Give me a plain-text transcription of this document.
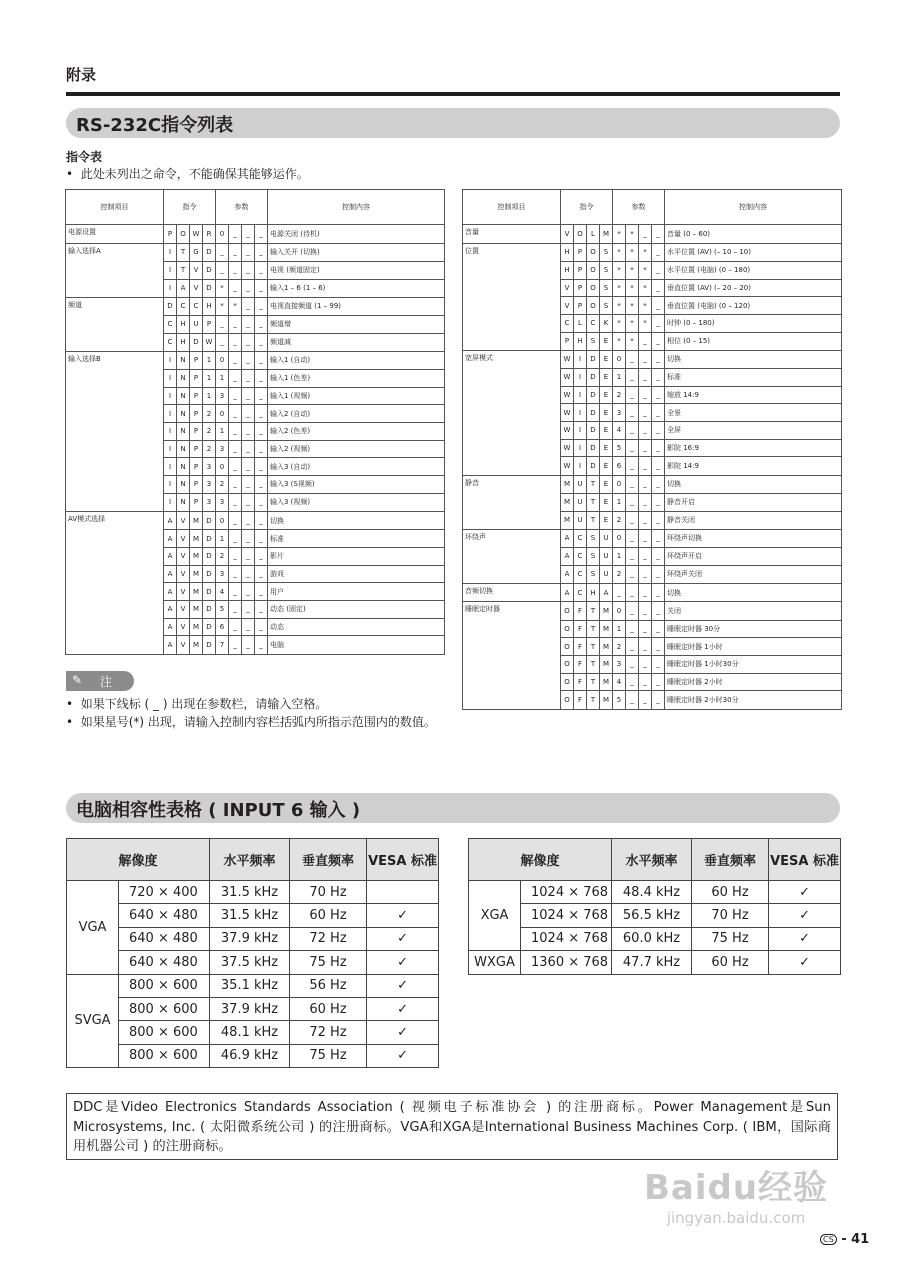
附录
RS-232C指令列表
指令表
•  此处未列出之命令，不能确保其能够运作。
控制项目	指令				参数				控制内容
电源设置	P	O	W	R	0	_	_	_	电源关闭 (待机)
输入选择A	I	T	G	D	_	_	_	_	输入关开 (切换)
	I	T	V	D	_	_	_	_	电视 (频道固定)
	I	A	V	D	*	_	_	_	输入1 – 6 (1 – 6)
频道	D	C	C	H	*	*	_	_	电视直接频道 (1 – 99)
	C	H	U	P	_	_	_	_	频道增
	C	H	D	W	_	_	_	_	频道减
输入选择B	I	N	P	1	0	_	_	_	输入1 (自动)
	I	N	P	1	1	_	_	_	输入1 (色差)
	I	N	P	1	3	_	_	_	输入1 (视频)
	I	N	P	2	0	_	_	_	输入2 (自动)
	I	N	P	2	1	_	_	_	输入2 (色差)
	I	N	P	2	3	_	_	_	输入2 (视频)
	I	N	P	3	0	_	_	_	输入3 (自动)
	I	N	P	3	2	_	_	_	输入3 (S视频)
	I	N	P	3	3	_	_	_	输入3 (视频)
AV模式选择	A	V	M	D	0	_	_	_	切换
	A	V	M	D	1	_	_	_	标准
	A	V	M	D	2	_	_	_	影片
	A	V	M	D	3	_	_	_	游戏
	A	V	M	D	4	_	_	_	用户
	A	V	M	D	5	_	_	_	动态 (固定)
	A	V	M	D	6	_	_	_	动态
	A	V	M	D	7	_	_	_	电脑
控制项目	指令				参数				控制内容
音量	V	O	L	M	*	*	_	_	音量 (0 – 60)
位置	H	P	O	S	*	*	*	_	水平位置 (AV) (– 10 – 10)
	H	P	O	S	*	*	*	_	水平位置 (电脑) (0 – 180)
	V	P	O	S	*	*	*	_	垂直位置 (AV) (– 20 – 20)
	V	P	O	S	*	*	*	_	垂直位置 (电脑) (0 – 120)
	C	L	C	K	*	*	*	_	时钟 (0 – 180)
	P	H	S	E	*	*	_	_	相位 (0 – 15)
宽屏模式	W	I	D	E	0	_	_	_	切换
	W	I	D	E	1	_	_	_	标准
	W	I	D	E	2	_	_	_	缩放 14:9
	W	I	D	E	3	_	_	_	全景
	W	I	D	E	4	_	_	_	全屏
	W	I	D	E	5	_	_	_	影院 16:9
	W	I	D	E	6	_	_	_	影院 14:9
静音	M	U	T	E	0	_	_	_	切换
	M	U	T	E	1	_	_	_	静音开启
	M	U	T	E	2	_	_	_	静音关闭
环绕声	A	C	S	U	0	_	_	_	环绕声切换
	A	C	S	U	1	_	_	_	环绕声开启
	A	C	S	U	2	_	_	_	环绕声关闭
音频切换	A	C	H	A	_	_	_	_	切换
睡眠定时器	O	F	T	M	0	_	_	_	关闭
	O	F	T	M	1	_	_	_	睡眠定时器 30分
	O	F	T	M	2	_	_	_	睡眠定时器 1小时
	O	F	T	M	3	_	_	_	睡眠定时器 1小时30分
	O	F	T	M	4	_	_	_	睡眠定时器 2小时
	O	F	T	M	5	_	_	_	睡眠定时器 2小时30分
✎ 注
•  如果下线标 ( _ ) 出现在参数栏，请输入空格。
•  如果星号(*) 出现，请输入控制内容栏括弧内所指示范围内的数值。
电脑相容性表格 ( INPUT 6 输入 )
解像度		水平频率	垂直频率	VESA 标准
VGA	720 × 400	31.5 kHz	70 Hz	
	640 × 480	31.5 kHz	60 Hz	✓
	640 × 480	37.9 kHz	72 Hz	✓
	640 × 480	37.5 kHz	75 Hz	✓
SVGA	800 × 600	35.1 kHz	56 Hz	✓
	800 × 600	37.9 kHz	60 Hz	✓
	800 × 600	48.1 kHz	72 Hz	✓
	800 × 600	46.9 kHz	75 Hz	✓
解像度		水平频率	垂直频率	VESA 标准
XGA	1024 × 768	48.4 kHz	60 Hz	✓
	1024 × 768	56.5 kHz	70 Hz	✓
	1024 × 768	60.0 kHz	75 Hz	✓
WXGA	1360 × 768	47.7 kHz	60 Hz	✓
DDC是Video Electronics Standards Association ( 视频电子标准协会 ) 的注册商标。Power Management是Sun Microsystems, Inc. ( 太阳微系统公司 ) 的注册商标。VGA和XGA是International Business Machines Corp. ( IBM，国际商用机器公司 ) 的注册商标。
Baidu经验
jingyan.baidu.com
CS - 41
